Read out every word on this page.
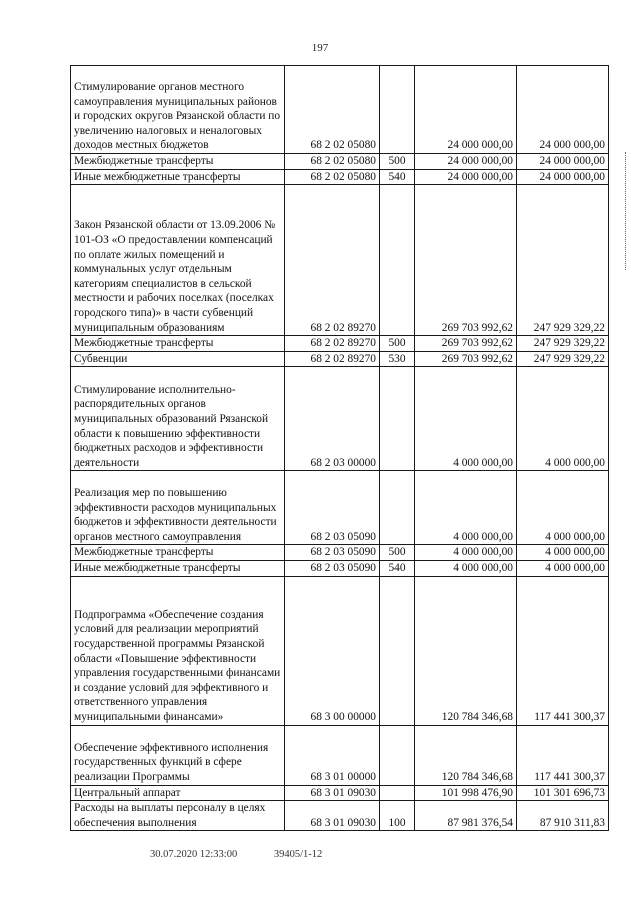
197
Стимулирование органов местного самоуправления муниципальных районов и городских округов Рязанской области по увеличению налоговых и неналоговых доходов местных бюджетов	68 2 02 05080		24 000 000,00	24 000 000,00
Межбюджетные трансферты	68 2 02 05080	500	24 000 000,00	24 000 000,00
Иные межбюджетные трансферты	68 2 02 05080	540	24 000 000,00	24 000 000,00
Закон Рязанской области от 13.09.2006 № 101-ОЗ «О предоставлении компенсаций по оплате жилых помещений и коммунальных услуг отдельным категориям специалистов в сельской местности и рабочих поселках (поселках городского типа)» в части субвенций муниципальным образованиям	68 2 02 89270		269 703 992,62	247 929 329,22
Межбюджетные трансферты	68 2 02 89270	500	269 703 992,62	247 929 329,22
Субвенции	68 2 02 89270	530	269 703 992,62	247 929 329,22
Стимулирование исполнительно-распорядительных органов муниципальных образований Рязанской области к повышению эффективности бюджетных расходов и эффективности деятельности	68 2 03 00000		4 000 000,00	4 000 000,00
Реализация мер по повышению эффективности расходов муниципальных бюджетов и эффективности деятельности органов местного самоуправления	68 2 03 05090		4 000 000,00	4 000 000,00
Межбюджетные трансферты	68 2 03 05090	500	4 000 000,00	4 000 000,00
Иные межбюджетные трансферты	68 2 03 05090	540	4 000 000,00	4 000 000,00
Подпрограмма «Обеспечение создания условий для реализации мероприятий государственной программы Рязанской области «Повышение эффективности управления государственными финансами и создание условий для эффективного и ответственного управления муниципальными финансами»	68 3 00 00000		120 784 346,68	117 441 300,37
Обеспечение эффективного исполнения государственных функций в сфере реализации Программы	68 3 01 00000		120 784 346,68	117 441 300,37
Центральный аппарат	68 3 01 09030		101 998 476,90	101 301 696,73
Расходы на выплаты персоналу в целях обеспечения выполнения	68 3 01 09030	100	87 981 376,54	87 910 311,83
30.07.2020 12:33:00	39405/1-12
